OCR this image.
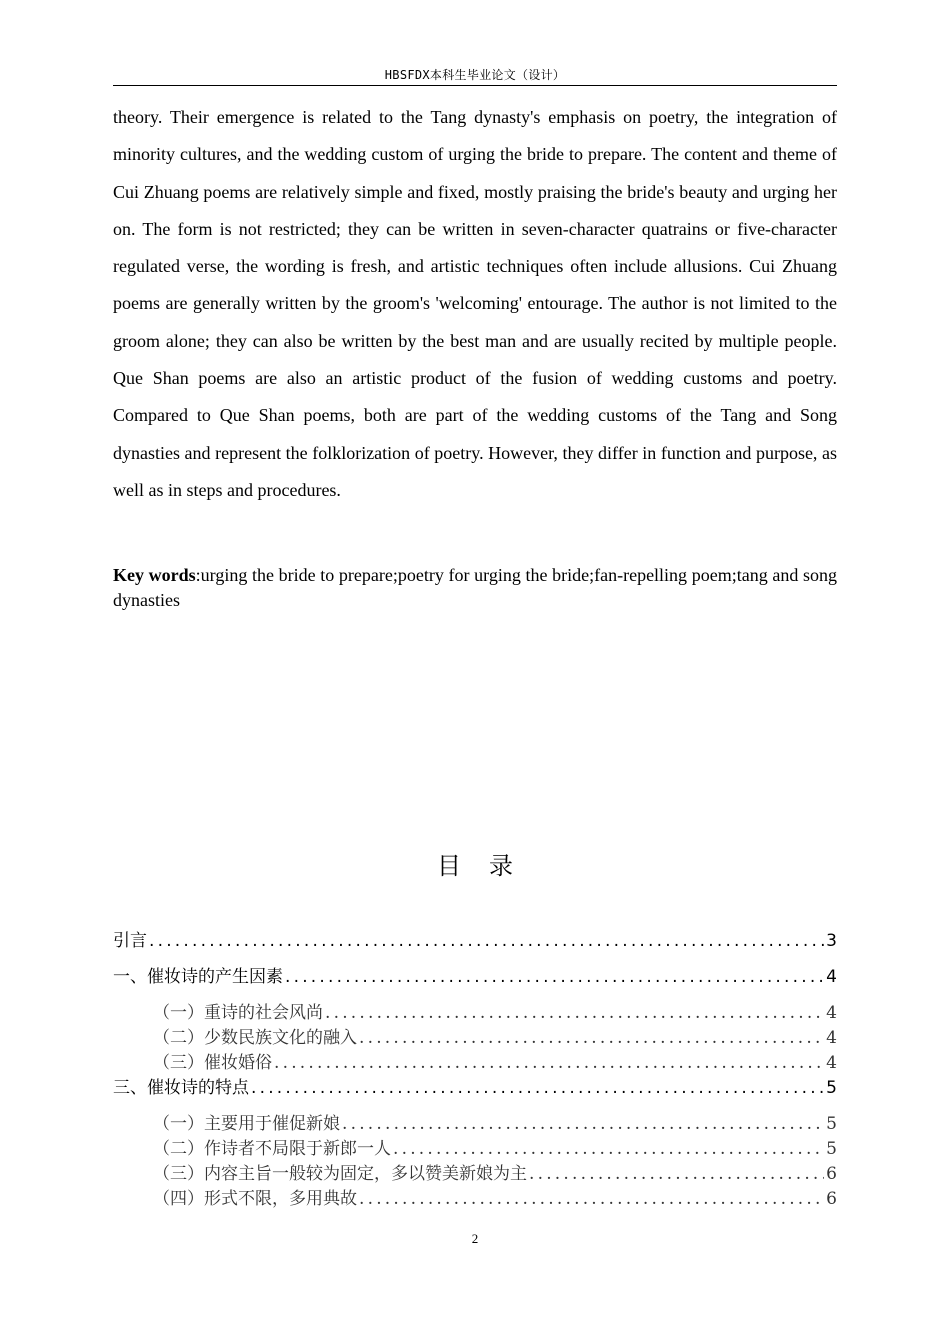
HBSFDX本科生毕业论文（设计）

theory. Their emergence is related to the Tang dynasty's emphasis on poetry, the integration of minority cultures, and the wedding custom of urging the bride to prepare. The content and theme of Cui Zhuang poems are relatively simple and fixed, mostly praising the bride's beauty and urging her on. The form is not restricted; they can be written in seven-character quatrains or five-character regulated verse, the wording is fresh, and artistic techniques often include allusions. Cui Zhuang poems are generally written by the groom's 'welcoming' entourage. The author is not limited to the groom alone; they can also be written by the best man and are usually recited by multiple people. Que Shan poems are also an artistic product of the fusion of wedding customs and poetry. Compared to Que Shan poems, both are part of the wedding customs of the Tang and Song dynasties and represent the folklorization of poetry. However, they differ in function and purpose, as well as in steps and procedures.

Key words:urging the bride to prepare;poetry for urging the bride;fan-repelling poem;tang and song dynasties

目 录
引言 .....	3
一、 催妆诗的产生因素 .....	4
（一） 重诗的社会风尚 .....	4
（二） 少数民族文化的融入 .....	4
（三） 催妆婚俗 .....	4
三、 催妆诗的特点 .....	5
（一） 主要用于催促新娘 .....	5
（二） 作诗者不局限于新郎一人 .....	5
（三） 内容主旨一般较为固定，多以赞美新娘为主 .....	6
（四） 形式不限，多用典故 .....	6
2
